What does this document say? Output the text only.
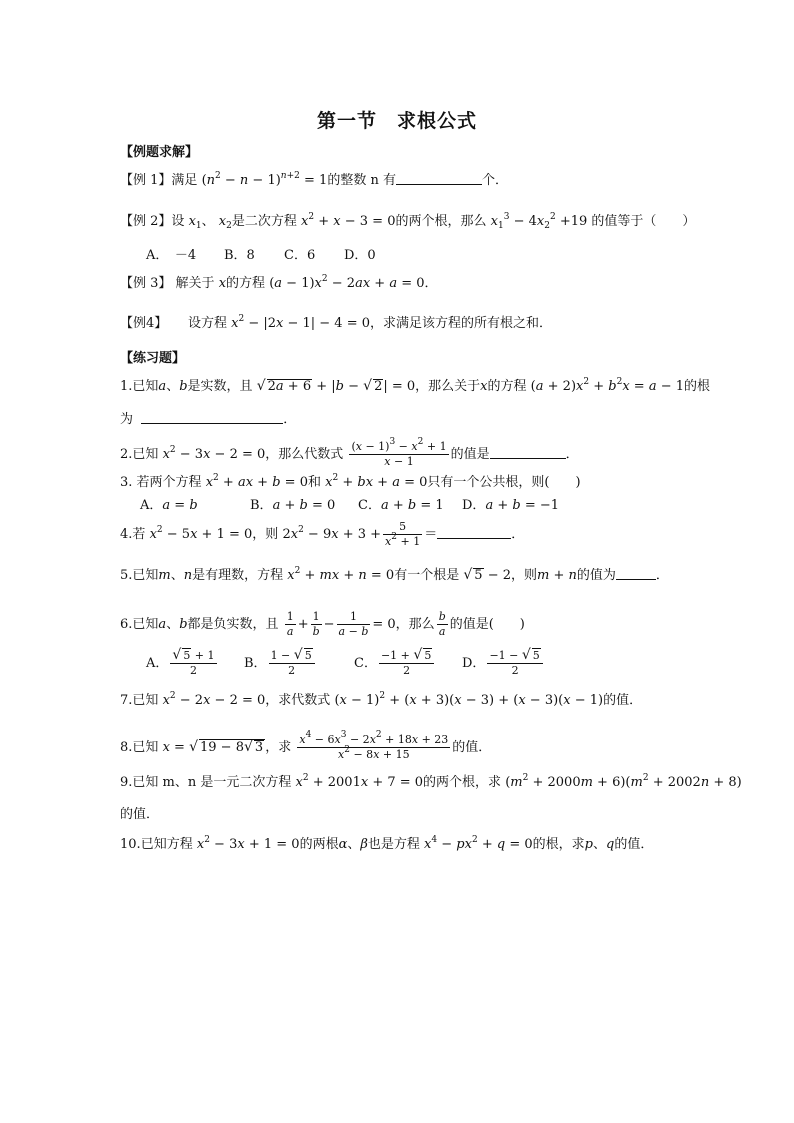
第一节　求根公式
【例题求解】
【例 1】满足 $(n^2 - n - 1)^{n+2} = 1$的整数 n 有	个．
【例 2】设 $x_1$、 $x_2$是二次方程 $x^2 + x - 3 = 0$的两个根，那么 $x_1^3 - 4x_2^2 +19$ 的值等于（　　）
A．　－4 B．8 C．6 D．0
【例 3】 解关于 x的方程 $(a - 1)x^2 - 2ax + a = 0$．
【例4】 设方程 $x^2 - |2x - 1| - 4 = 0$，求满足该方程的所有根之和．
【练习题】
1.已知a、b是实数，且 √ 2a + 6 + |b − √ 2| = 0，那么关于x的方程 $(a + 2)x^2 + b^2x = a - 1$的根
为	．
2.已知 $x^2 - 3x - 2 = 0$，那么代数式 $\frac{(x - 1)^3 - x^2 + 1}{x - 1}$ 的值是	．
3. 若两个方程 $x^2$ + ax + b = 0和 $x^2$ + bx + a = 0只有一个公共根，则(　　)
A．a = b	B．a + b = 0 C．a + b = 1 D．a + b = −1
4.若 $x^2 - 5x + 1 = 0$，则 $2x^2 - 9x + 3 + \frac{5}{x^2 + 1}$ ＝	．
5.已知m、n是有理数，方程 $x^2$ + mx + n = 0有一个根是 √ 5 − 2，则m + n的值为	．
6.已知a、b都是负实数，且 $\frac{1}{a} + \frac{1}{b} - \frac{1}{a - b} = 0$，那么 $\frac{b}{a}$ 的值是(　　)
A． $\frac{√ 5 + 1}{2}$ B． $\frac{1 - √ 5}{2}$	C． $\frac{-1 + √ 5}{2}$ D． $\frac{-1 - √ 5}{2}$
7.已知 $x^2 - 2x - 2 = 0$，求代数式 $(x - 1)^2 + (x + 3)(x - 3) + (x - 3)(x - 1)$的值．
8.已知 x = √ 19 − 8√ 3 ，求 $\frac{x^4 - 6x^3 - 2x^2 + 18x + 23}{x^2 - 8x + 15}$ 的值．
9.已知 m、n 是一元二次方程 $x^2 + 2001x + 7 = 0$的两个根，求 $(m^2 + 2000m + 6)(m^2 + 2002n + 8)$
的值．
10.已知方程 $x^2 - 3x + 1 = 0$的两根α、β也是方程 $x^4 - px^2 + q = 0$的根，求p、q的值．
